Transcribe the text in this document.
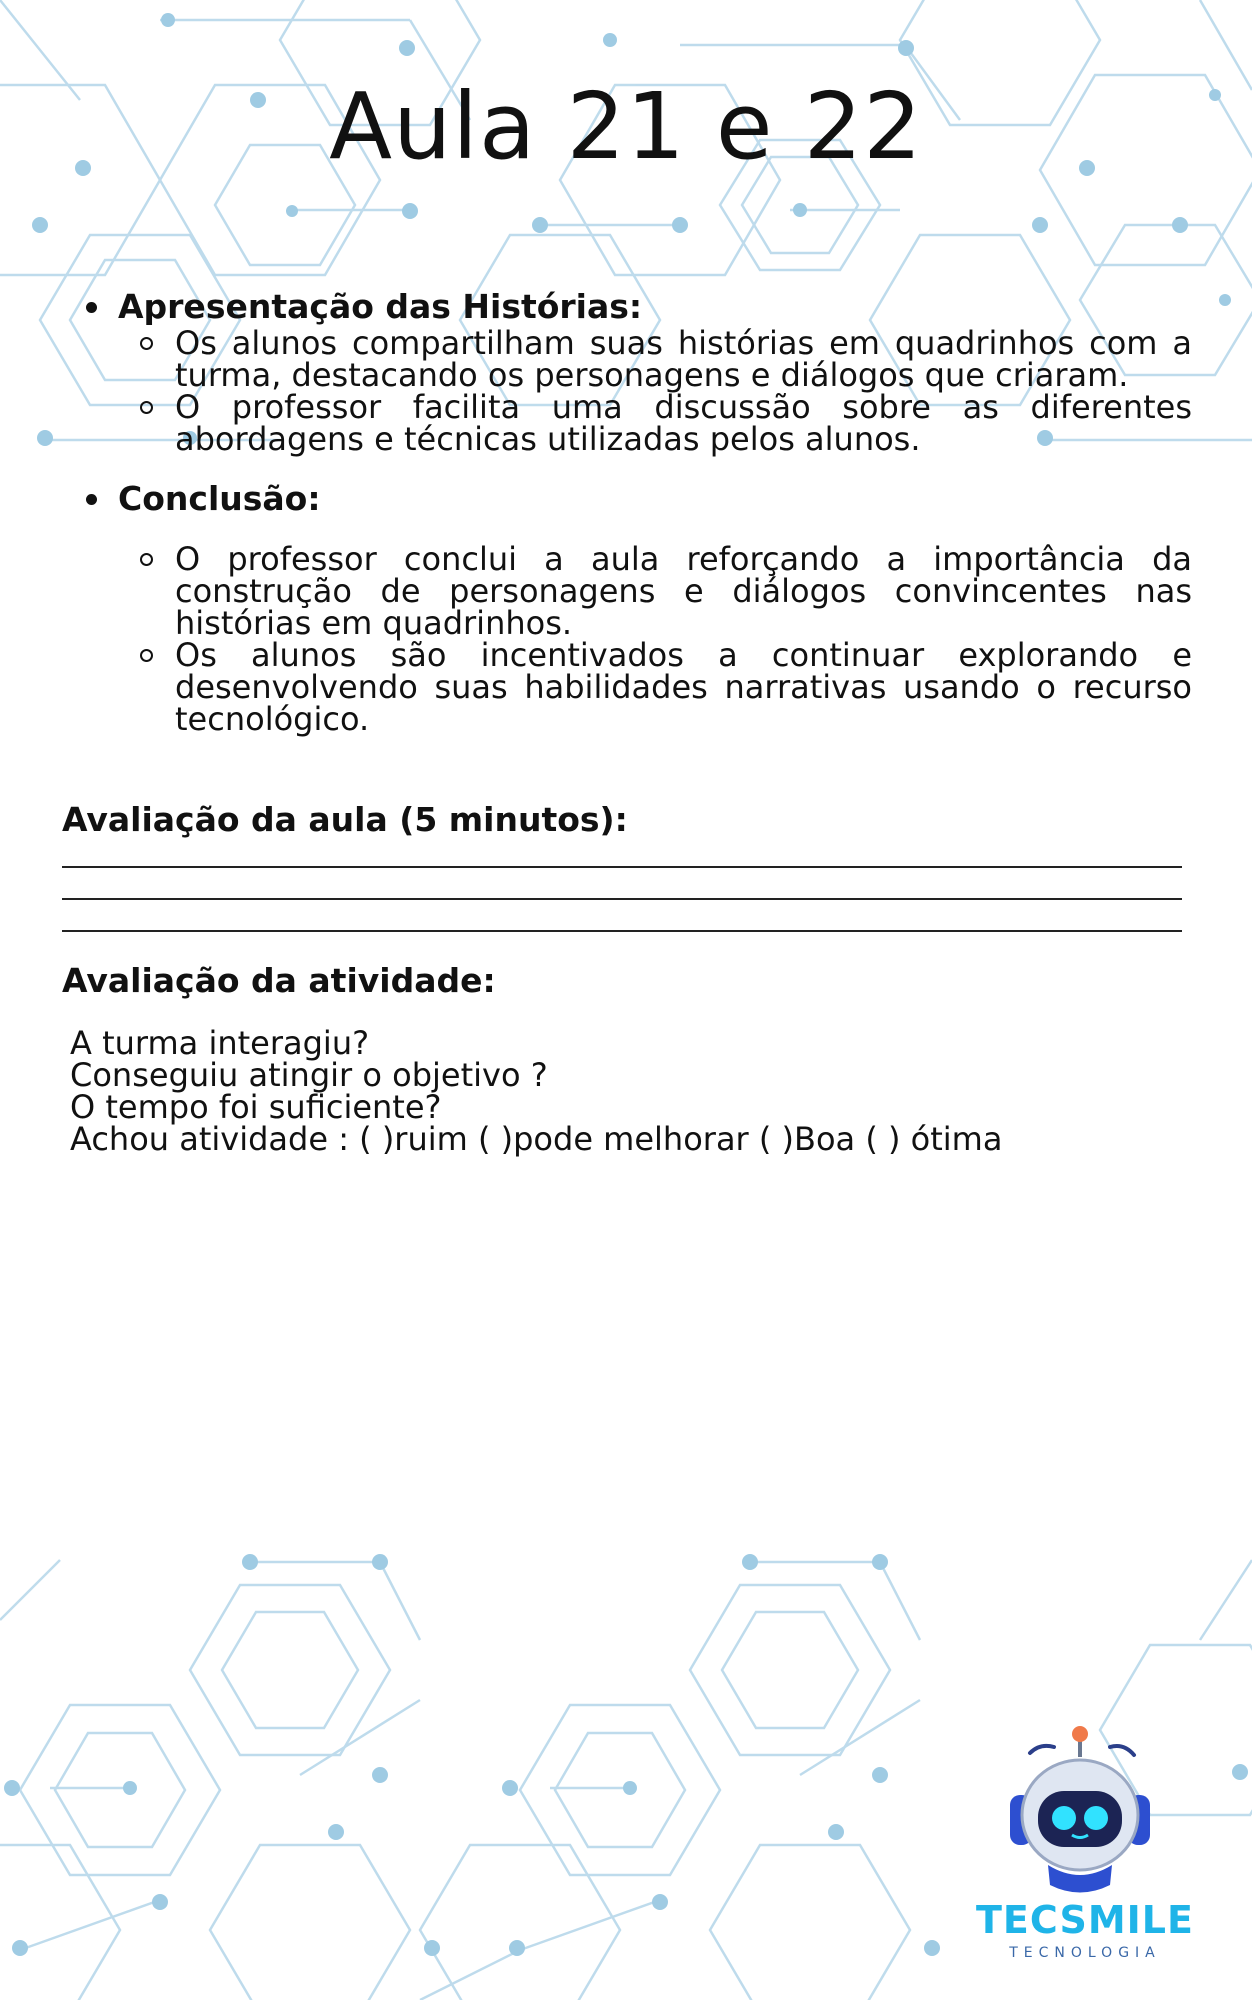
Aula 21 e 22
Apresentação das Histórias:
Os alunos compartilham suas histórias em quadrinhos com a turma, destacando os personagens e diálogos que criaram.
O professor facilita uma discussão sobre as diferentes abordagens e técnicas utilizadas pelos alunos.
Conclusão:
O professor conclui a aula reforçando a importância da construção de personagens e diálogos convincentes nas histórias em quadrinhos.
Os alunos são incentivados a continuar explorando e desenvolvendo suas habilidades narrativas usando o recurso tecnológico.
Avaliação da aula (5 minutos):
Avaliação da atividade:
A turma interagiu?
Conseguiu atingir o objetivo ?
O tempo foi suficiente?
Achou atividade : ( )ruim ( )pode melhorar ( )Boa ( ) ótima
TECSMILE
TECNOLOGIA
